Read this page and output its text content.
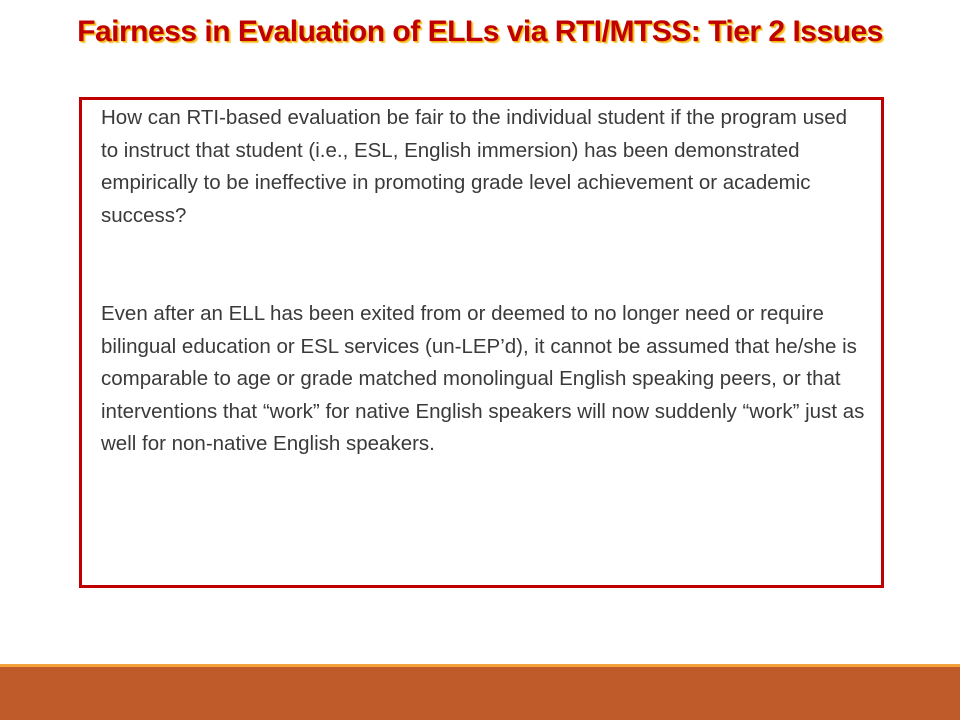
Fairness in Evaluation of ELLs via RTI/MTSS: Tier 2 Issues

How can RTI-based evaluation be fair to the individual student if the program used to instruct that student (i.e., ESL, English immersion) has been demonstrated empirically to be ineffective in promoting grade level achievement or academic success?

Even after an ELL has been exited from or deemed to no longer need or require bilingual education or ESL services (un-LEP’d), it cannot be assumed that he/she is comparable to age or grade matched monolingual English speaking peers, or that interventions that “work” for native English speakers will now suddenly “work” just as well for non-native English speakers.
